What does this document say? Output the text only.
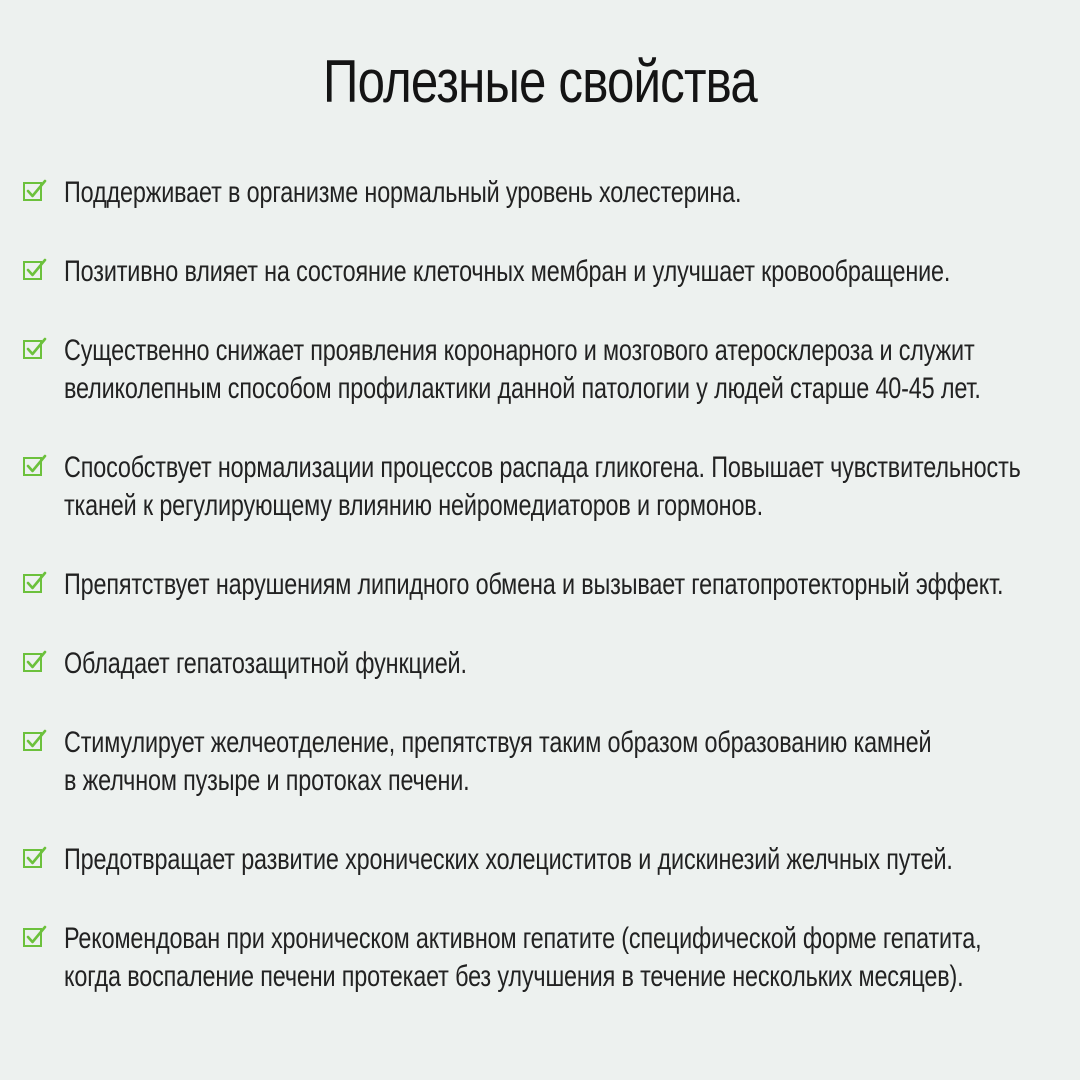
Полезные свойства
Поддерживает в организме нормальный уровень холестерина.
Позитивно влияет на состояние клеточных мембран и улучшает кровообращение.
Существенно снижает проявления коронарного и мозгового атеросклероза и служит
великолепным способом профилактики данной патологии у людей старше 40-45 лет.
Способствует нормализации процессов распада гликогена. Повышает чувствительность
тканей к регулирующему влиянию нейромедиаторов и гормонов.
Препятствует нарушениям липидного обмена и вызывает гепатопротекторный эффект.
Обладает гепатозащитной функцией.
Стимулирует желчеотделение, препятствуя таким образом образованию камней
в желчном пузыре и протоках печени.
Предотвращает развитие хронических холециститов и дискинезий желчных путей.
Рекомендован при хроническом активном гепатите (специфической форме гепатита,
когда воспаление печени протекает без улучшения в течение нескольких месяцев).
